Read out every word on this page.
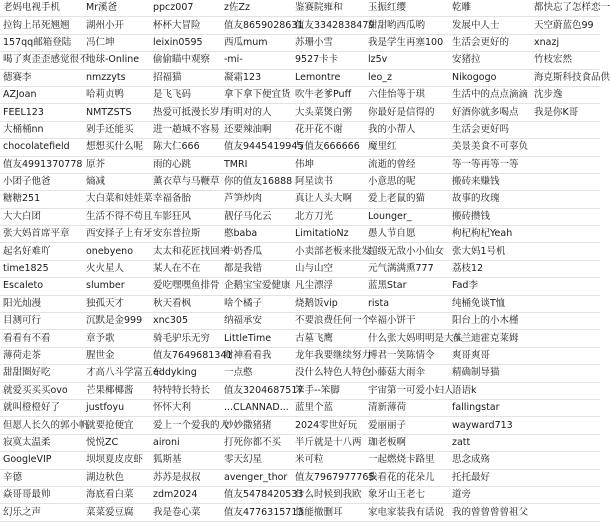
老妈电视手机	Mr溪爸	ppcz007	z佐Zz	鉴赛院雍和	玉振红缨	乾雕	都快忘了怎样恋一
拉钩上吊死翘翘	湖州小开	杯杯大冒险	值友8659028631	值友3342838479	甜甜哟西瓜哟	发展中人士	天空蔚蓝色99
157qq邮箱登陆	冯仁坤	leixin0595	西瓜mum	苏珊小雪	我是学生再塞100	生活会更好的	xnazj
喝了爽歪歪感觉很不	地球-Online	偷偷瞄中观察	-mi-	9527卡卡	lz5v	安猪拉	竹枝宏然
德赛李	nmzzyts	招福猫	凝霜123	Lemontre	leo_z	Nikogogo	海克斯科技食品供
AZJoan	哈莉贞鸭	是飞飞码	拿下拿下便宜货	吹牛老爹Puff	六佳怡等于琪	生活中的点点滴滴	沈步逸
FEEL123	NMTZSTS	热爱可抵漫长岁月	有明对的人	大头菜煲白粥	你最好是信得的	好酒你就多喝点	我是你K哥
大桶桶nn	剁手还能买	进一趟城不容易	还要辣油啊	花开花不谢	我的小帮人	生活会更好吗	
chocolatefield	想想买什么呢	陈大仁666	值友9445419945	与值友666666	魔里红	美景美食不可辜负	
值友4991370778	原芥	雨的心跳	TMRI	伟坤	流逝的曾经	等一等再等一等	
小团子他爸	熵减	薰衣草与马鞭草	你的值友16888	阿星读书	小意思的呢	搬砖来赚钱	
糖糖251	大白菜和娃娃菜	幸福备胎	芦笋炒肉	真让人头大啊	爱上老鼠的猫	故事的玫瑰	
大大白团	生活不得不苟且	车影狂风	靓仔马化云	北方刀光	Lounger_	搬砖攒钱	
张大妈首席平章	西安择子上有牙	安东普拉斯	憨baba	LimitatioNz	愚人节自愿	枸杞枸杞Yeah	
起名好难吖	onebyeno	太太和花匠找回来	牛奶香瓜	小卖部老板来批发	超级无敌小小仙女	张大妈1号机	
time1825	火火星人	某人在不在	都是我错	山与山空	元气满满熏777	荔枝12	
Escaleto	slumber	爱吃嘿嘿鱼排骨	企鹅宝宝爱健康	凡尘漂浮	蓝黑Star	Fad李	
阳光灿漫	独孤天才	秋天看枫	啥个橘子	烧鹅饭vip	rista	纯桶免谈T恤	
目测可行	沉默是金999	xnc305	纳福承安	不要浪费任何一个	幸福小饼干	阳台上的小木槿	
看看有不看	章予歌	骑毛驴乐无穷	LittleTime	古墓飞鹰	什么张大妈明明是大头	布兰迪霍克莱姆	
薄荷走茶	腥世金	值友7649681341	财神看看我	龙年我要继续努力	博君一笑陈情令	爽哥爽哥	
甜甜圈好吃	才高八斗学富五车	eddyking	一点憨	没什么特色人特色	小藤菇大雨伞	精确制导猫	
就爱买买买ovo	芒果椰椰酱	特特特长特长	值友3204687517	笨手--笨脚	宇宙第一可爱小妇人	语语k	
就叫橙橙好了	justfoyu	怀怀大利	...CLANNAD...	蓝里个蓝	清新薄荷	fallingstar	
但愿人长久的郭小帆	就要抢便宜	爱上一个爱我的人	妙妙撒猪猪	2024零世好玩	爱丽丽子	wayward713	
寂寞太温柔	悦悦ZC	aironi	打死你都不买	半斤就是十八两	珈老板啊	zatt	
GoogleVIP	坝坝夏皮皮虾	狐斯基	零天幻星	米可粒	一起燃烧卡路里	思念成殇	
辛德	湖边秋色	苏苏是叔叔	avenger_thor	值友7967977765	我看花的花朵儿	托托最好	
焱哥哥最帅	海底看白菜	zdm2024	值友5478420533	什么时候到我欧	象牙山王老七	道旁	
幻乐之声	菜菜爱豆腐	我是卷心菜	值友4776315713	悟能撤删耳	家电家装我有话说	我的曾曾曾曾祖父	
